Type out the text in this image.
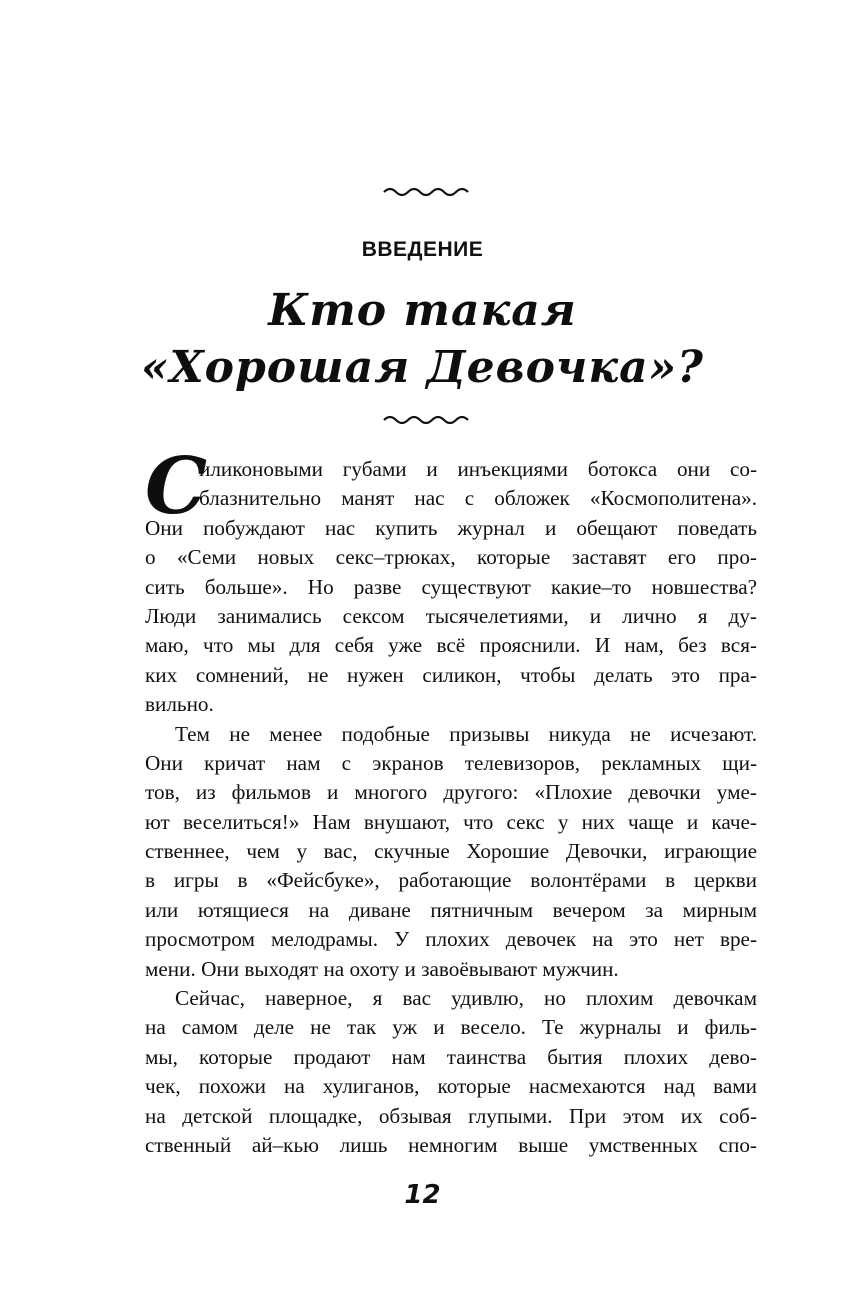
ВВЕДЕНИЕ
Кто такая
«Хорошая Девочка»?
С
иликоновыми губами и инъекциями ботокса они со-
блазнительно манят нас с обложек «Космополитена».
Они побуждают нас купить журнал и обещают поведать
о «Семи новых секс–трюках, которые заставят его про-
сить больше». Но разве существуют какие–то новшества?
Люди занимались сексом тысячелетиями, и лично я ду-
маю, что мы для себя уже всё прояснили. И нам, без вся-
ких сомнений, не нужен силикон, чтобы делать это пра-
вильно.
Тем не менее подобные призывы никуда не исчезают.
Они кричат нам с экранов телевизоров, рекламных щи-
тов, из фильмов и многого другого: «Плохие девочки уме-
ют веселиться!» Нам внушают, что секс у них чаще и каче-
ственнее, чем у вас, скучные Хорошие Девочки, играющие
в игры в «Фейсбуке», работающие волонтёрами в церкви
или ютящиеся на диване пятничным вечером за мирным
просмотром мелодрамы. У плохих девочек на это нет вре-
мени. Они выходят на охоту и завоёвывают мужчин.
Сейчас, наверное, я вас удивлю, но плохим девочкам
на самом деле не так уж и весело. Те журналы и филь-
мы, которые продают нам таинства бытия плохих дево-
чек, похожи на хулиганов, которые насмехаются над вами
на детской площадке, обзывая глупыми. При этом их соб-
ственный ай–кью лишь немногим выше умственных спо-
12
